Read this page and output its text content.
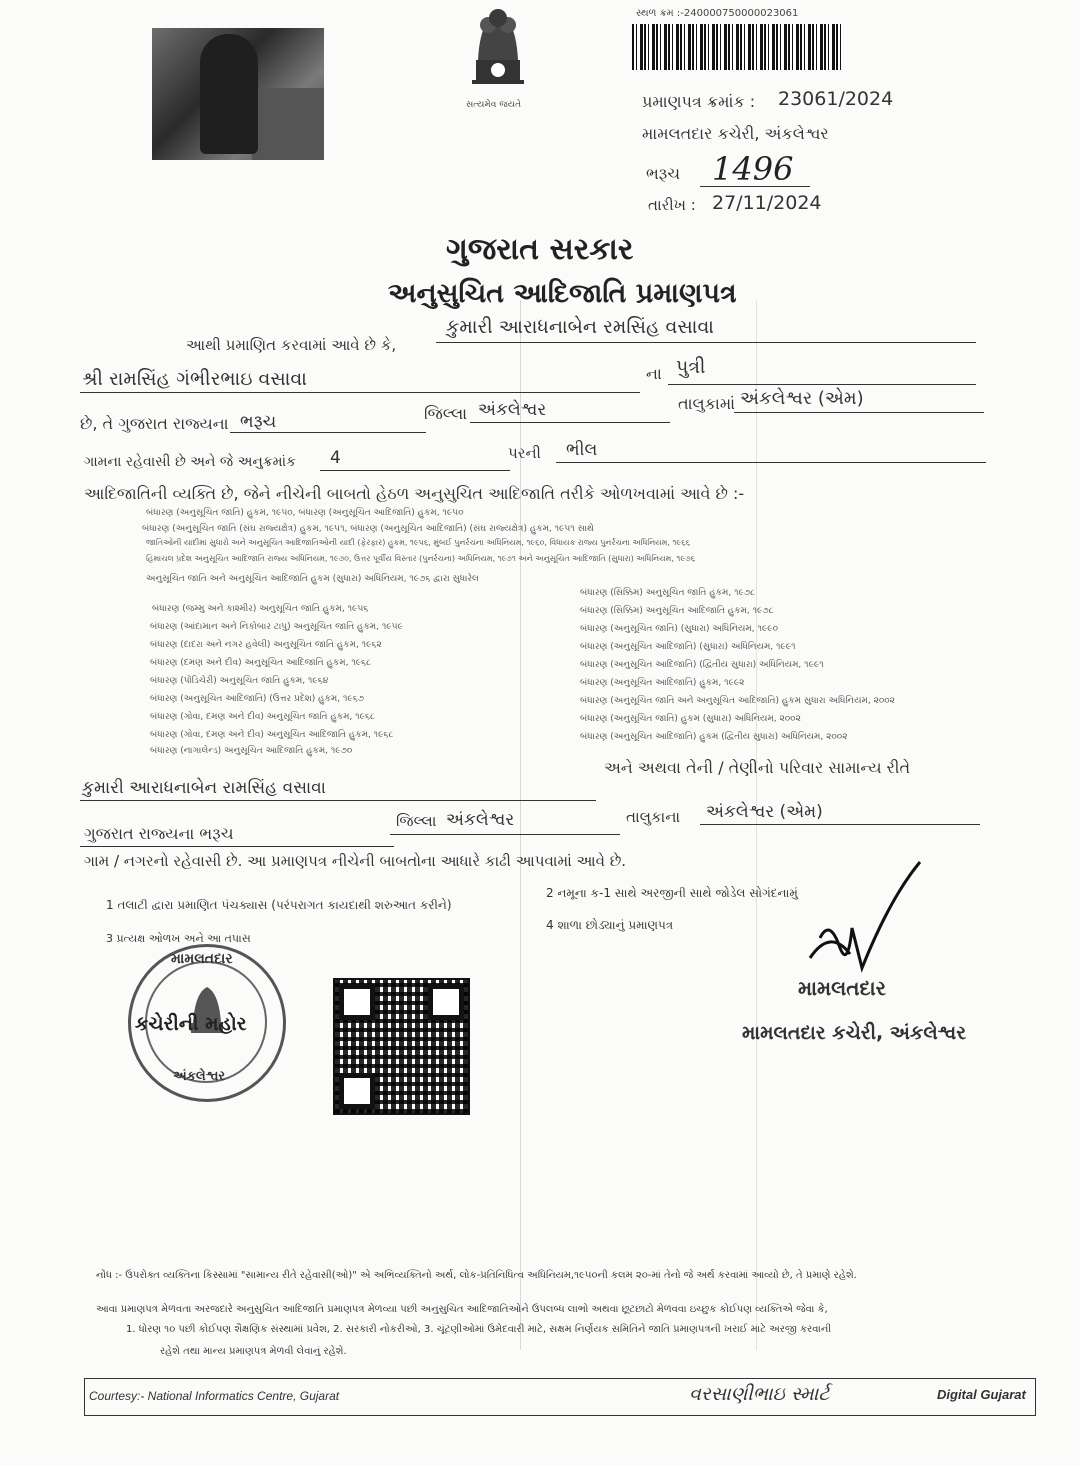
સત્યમેવ જયતે
સ્થળ ક્રમ :-240000750000023061
પ્રમાણપત્ર ક્રમાંક : 23061/2024
મામલતદાર કચેરી, અંકલેશ્વર
ભરૂચ 1496
તારીખ : 27/11/2024
ગુજરાત સરકાર
અનુસુચિત આદિજાતિ પ્રમાણપત્ર
આથી પ્રમાણિત કરવામાં આવે છે કે,
કુમારી આરાધનાબેન રમસિંહ વસાવા
શ્રી રામસિંહ ગંભીરભાઇ વસાવા	ના પુત્રી
છે, તે ગુજરાત રાજ્યના ભરૂચ	જિલ્લા અંકલેશ્વર	તાલુકામાં અંકલેશ્વર (એમ)
ગામના રહેવાસી છે અને જે અનુક્રમાંક 4	પરની ભીલ
આદિજાતિની વ્યક્તિ છે, જેને નીચેની બાબતો હેઠળ અનુસુચિત આદિજાતિ તરીકે ઓળખવામાં આવે છે :-
બંધારણ (અનુસૂચિત જાતિ) હુકમ, ૧૯૫૦, બંધારણ (અનુસૂચિત આદિજાતિ) હુકમ, ૧૯૫૦
બંધારણ (અનુસૂચિત જાતિ (સંઘ રાજ્યક્ષેત્ર) હુકમ, ૧૯૫૧, બંધારણ (અનુસૂચિત આદિજાતિ) (સંઘ રાજ્યક્ષેત્ર) હુકમ, ૧૯૫૧ સાથે
જાતિઓની યાદીમાં સુધારો અને અનુસૂચિત આદિજાતિઓની યાદી (ફેરફાર) હુકમ, ૧૯૫૬, મુંબઈ પુનર્રચના અધિનિયમ, ૧૯૬૦, વિધાયક રાજ્ય પુનર્રચના અધિનિયમ, ૧૯૬૬
હિમાચલ પ્રદેશ અનુસૂચિત આદિજાતિ રાજ્ય અધિનિયમ, ૧૯૭૦, ઉત્તર પૂર્વીય વિસ્તાર (પુનર્રચના) અધિનિયમ, ૧૯૭૧ અને અનુસૂચિત આદિજાતિ (સુધારા) અધિનિયમ, ૧૯૭૬
અનુસૂચિત જાતિ અને અનુસૂચિત આદિજાતિ હુકમ (સુધારા) અધિનિયમ, ૧૯૭૬ દ્વારા સુધારેલ
બંધારણ (જમ્મુ અને કાશ્મીર) અનુસૂચિત જાતિ હુકમ, ૧૯૫૬
બંધારણ (આંદામાન અને નિકોબાર ટાપુ) અનુસૂચિત જાતિ હુકમ, ૧૯૫૯
બંધારણ (દાદરા અને નગર હવેલી) અનુસૂચિત જાતિ હુકમ, ૧૯૬૨
બંધારણ (દમણ અને દીવ) અનુસૂચિત આદિજાતિ હુકમ, ૧૯૬૮
બંધારણ (પોંડિચેરી) અનુસૂચિત જાતિ હુકમ, ૧૯૬૪
બંધારણ (અનુસૂચિત આદિજાતિ) (ઉત્તર પ્રદેશ) હુકમ, ૧૯૬૭
બંધારણ (ગોવા, દમણ અને દીવ) અનુસૂચિત જાતિ હુકમ, ૧૯૬૮
બંધારણ (ગોવા, દમણ અને દીવ) અનુસૂચિત આદિજાતિ હુકમ, ૧૯૬૮
બંધારણ (નાગાલેન્ડ) અનુસૂચિત આદિજાતિ હુકમ, ૧૯૭૦
બંધારણ (સિક્કિમ) અનુસૂચિત જાતિ હુકમ, ૧૯૭૮
બંધારણ (સિક્કિમ) અનુસૂચિત આદિજાતિ હુકમ, ૧૯૭૮
બંધારણ (અનુસૂચિત જાતિ) (સુધારા) અધિનિયમ, ૧૯૯૦
બંધારણ (અનુસૂચિત આદિજાતિ) (સુધારા) અધિનિયમ, ૧૯૯૧
બંધારણ (અનુસૂચિત આદિજાતિ) (દ્વિતીય સુધારા) અધિનિયમ, ૧૯૯૧
બંધારણ (અનુસૂચિત આદિજાતિ) હુકમ, ૧૯૯૨
બંધારણ (અનુસૂચિત જાતિ અને અનુસૂચિત આદિજાતિ) હુકમ સુધારા અધિનિયમ, ૨૦૦૨
બંધારણ (અનુસૂચિત જાતિ) હુકમ (સુધારા) અધિનિયમ, ૨૦૦૨
બંધારણ (અનુસૂચિત આદિજાતિ) હુકમ (દ્વિતીય સુધારા) અધિનિયમ, ૨૦૦૨
અને અથવા તેની / તેણીનો પરિવાર સામાન્ય રીતે
કુમારી આરાધનાબેન રામસિંહ વસાવા
ગુજરાત રાજ્યના ભરૂચ
જિલ્લા અંકલેશ્વર	તાલુકાના અંકલેશ્વર (એમ)
ગામ / નગરનો રહેવાસી છે. આ પ્રમાણપત્ર નીચેની બાબતોના આધારે કાઢી આપવામાં આવે છે.
1 તલાટી દ્વારા પ્રમાણિત પંચક્યાસ (પરંપરાગત કાયદાથી શરુઆત કરીને)
2 નમૂના ક-1 સાથે અરજીની સાથે જોડેલ સોગંદનામું
3 પ્રત્યક્ષ ઓળખ અને આ તપાસ
4 શાળા છોડ્યાનું પ્રમાણપત્ર
મામલતદાર
કચેરીની મહોર
અંકલેશ્વર
મામલતદાર
મામલતદાર કચેરી, અંકલેશ્વર
નોંધ :- ઉપરોક્ત વ્યક્તિના કિસ્સામાં "સામાન્ય રીતે રહેવાસી(ઓ)" એ અભિવ્યક્તિનો અર્થ, લોક-પ્રતિનિધિત્વ અધિનિયમ,૧૯૫૦ની કલમ ૨૦-માં તેનો જે અર્થ કરવામાં આવ્યો છે, તે પ્રમાણે રહેશે.
આવા પ્રમાણપત્ર મેળવતા અરજદારે અનુસુચિત આદિજાતિ પ્રમાણપત્ર મેળવ્યા પછી અનુસુચિત આદિજાતિઓને ઉપલબ્ધ લાભો અથવા છૂટછાટો મેળવવા ઇચ્છુક કોઈપણ વ્યક્તિએ જેવા કે,
1. ધોરણ ૧૦ પછી કોઈપણ શૈક્ષણિક સંસ્થામાં પ્રવેશ, 2. સરકારી નોકરીઓ, 3. ચૂંટણીઓમાં ઉમેદવારી માટે, સક્ષમ નિર્ણયક સમિતિને જાતિ પ્રમાણપત્રની ખરાઈ માટે અરજી કરવાની
રહેશે તથા માન્ય પ્રમાણપત્ર મેળવી લેવાનું રહેશે.
Courtesy:- National Informatics Centre, Gujarat	વરસાણીભાઇ સ્માર્ટ	Digital Gujarat
